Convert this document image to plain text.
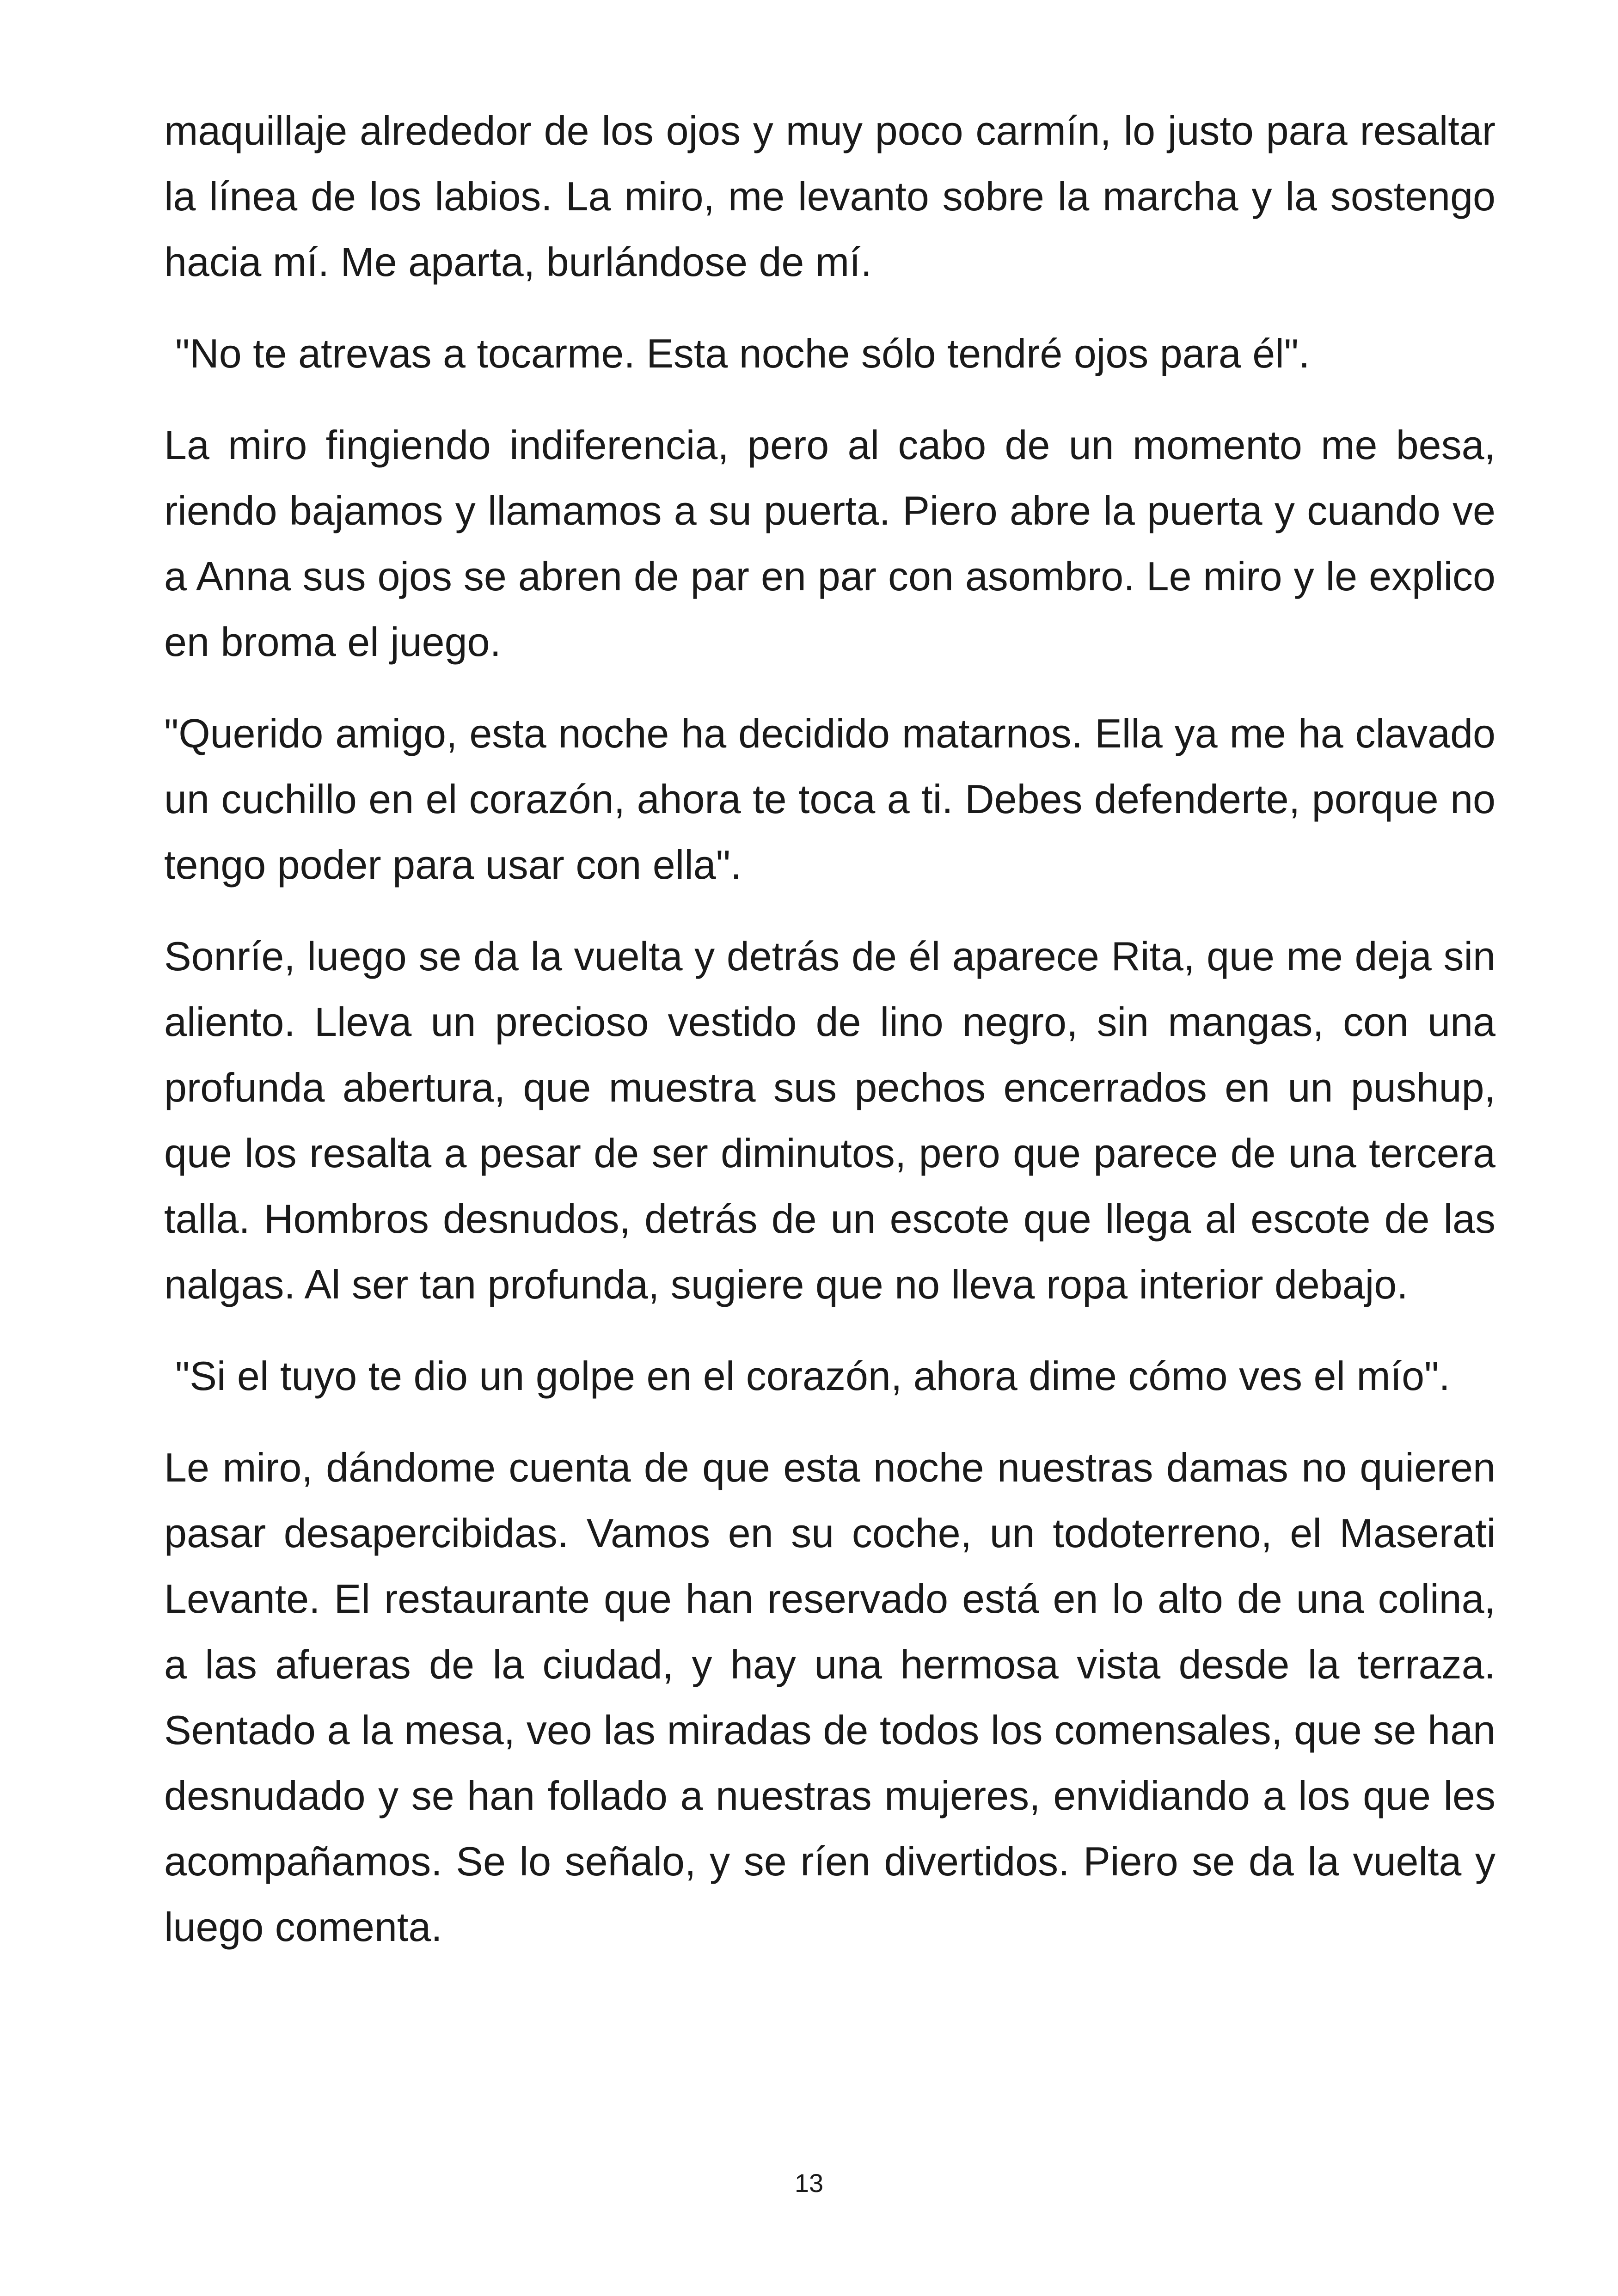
maquillaje alrededor de los ojos y muy poco carmín, lo justo para resaltar la línea de los labios. La miro, me levanto sobre la marcha y la sostengo hacia mí. Me aparta, burlándose de mí.

"No te atrevas a tocarme. Esta noche sólo tendré ojos para él".

La miro fingiendo indiferencia, pero al cabo de un momento me besa, riendo bajamos y llamamos a su puerta. Piero abre la puerta y cuando ve a Anna sus ojos se abren de par en par con asombro. Le miro y le explico en broma el juego.

"Querido amigo, esta noche ha decidido matarnos. Ella ya me ha clavado un cuchillo en el corazón, ahora te toca a ti. Debes defenderte, porque no tengo poder para usar con ella".

Sonríe, luego se da la vuelta y detrás de él aparece Rita, que me deja sin aliento. Lleva un precioso vestido de lino negro, sin mangas, con una profunda abertura, que muestra sus pechos encerrados en un pushup, que los resalta a pesar de ser diminutos, pero que parece de una tercera talla. Hombros desnudos, detrás de un escote que llega al escote de las nalgas. Al ser tan profunda, sugiere que no lleva ropa interior debajo.

"Si el tuyo te dio un golpe en el corazón, ahora dime cómo ves el mío".

Le miro, dándome cuenta de que esta noche nuestras damas no quieren pasar desapercibidas. Vamos en su coche, un todoterreno, el Maserati Levante. El restaurante que han reservado está en lo alto de una colina, a las afueras de la ciudad, y hay una hermosa vista desde la terraza. Sentado a la mesa, veo las miradas de todos los comensales, que se han desnudado y se han follado a nuestras mujeres, envidiando a los que les acompañamos. Se lo señalo, y se ríen divertidos. Piero se da la vuelta y luego comenta.

13
